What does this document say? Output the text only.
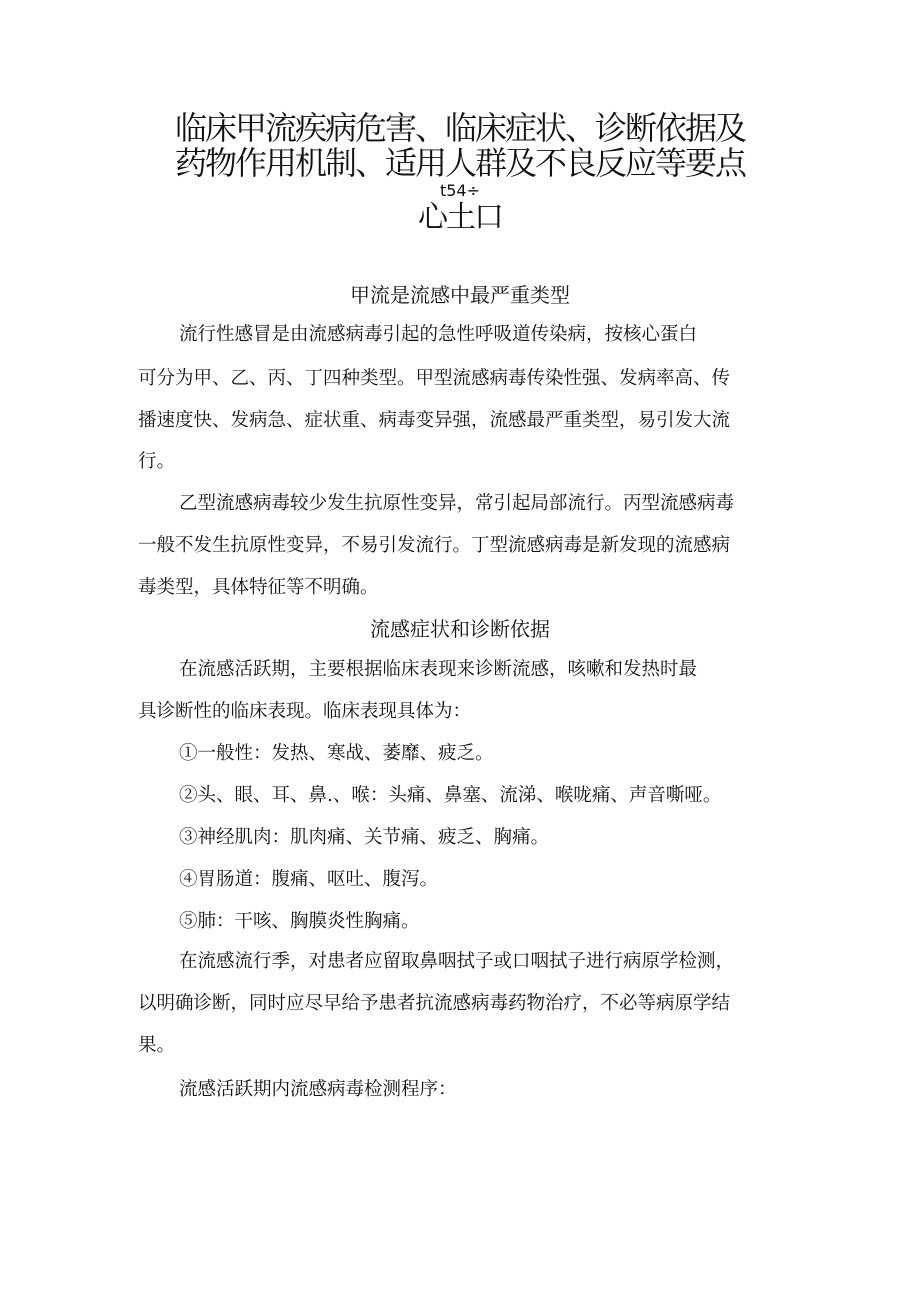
临床甲流疾病危害、临床症状、诊断依据及
药物作用机制、适用人群及不良反应等要点
t54÷
心土口
甲流是流感中最严重类型

流行性感冒是由流感病毒引起的急性呼吸道传染病，按核心蛋白

可分为甲、乙、丙、丁四种类型。甲型流感病毒传染性强、发病率高、传

播速度快、发病急、症状重、病毒变异强，流感最严重类型，易引发大流

行。

乙型流感病毒较少发生抗原性变异，常引起局部流行。丙型流感病毒

一般不发生抗原性变异，不易引发流行。丁型流感病毒是新发现的流感病

毒类型，具体特征等不明确。

流感症状和诊断依据

在流感活跃期，主要根据临床表现来诊断流感，咳嗽和发热时最

具诊断性的临床表现。临床表现具体为：

①一般性：发热、寒战、萎靡、疲乏。

②头、眼、耳、鼻.、喉：头痛、鼻塞、流涕、喉咙痛、声音嘶哑。

③神经肌肉：肌肉痛、关节痛、疲乏、胸痛。

④胃肠道：腹痛、呕吐、腹泻。

⑤肺：干咳、胸膜炎性胸痛。

在流感流行季，对患者应留取鼻咽拭子或口咽拭子进行病原学检测，

以明确诊断，同时应尽早给予患者抗流感病毒药物治疗，不必等病原学结

果。

流感活跃期内流感病毒检测程序：
